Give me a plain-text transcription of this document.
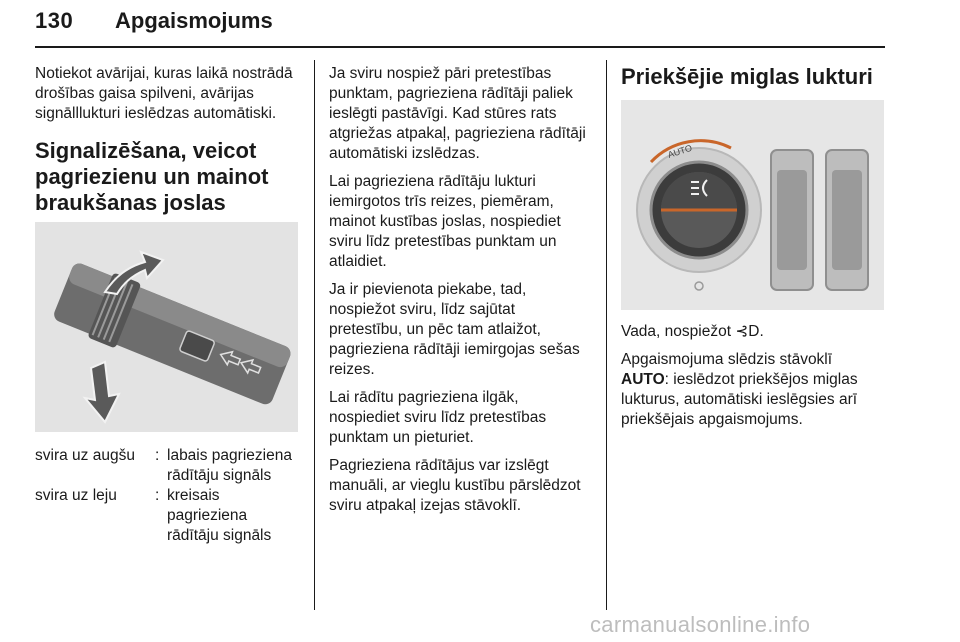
130 Apgaismojums

Notiekot avārijai, kuras laikā nostrādā drošības gaisa spilveni, avārijas signālllukturi ieslēdzas automātiski.

Signalizēšana, veicot pagriezienu un mainot braukšanas joslas
svira uz augšu : labais pagrieziena rādītāju signāls
svira uz leju : kreisais pagrieziena rādītāju signāls

Ja sviru nospiež pāri pretestības punktam, pagrieziena rādītāji paliek ieslēgti pastāvīgi. Kad stūres rats atgriežas atpakaļ, pagrieziena rādītāji automātiski izslēdzas.

Lai pagrieziena rādītāju lukturi iemirgotos trīs reizes, piemēram, mainot kustības joslas, nospiediet sviru līdz pretestības punktam un atlaidiet.

Ja ir pievienota piekabe, tad, nospiežot sviru, līdz sajūtat pretestību, un pēc tam atlaižot, pagrieziena rādītāji iemirgojas sešas reizes.

Lai rādītu pagrieziena ilgāk, nospiediet sviru līdz pretestības punktam un pieturiet.

Pagrieziena rādītājus var izslēgt manuāli, ar vieglu kustību pārslēdzot sviru atpakaļ izejas stāvoklī.

Priekšējie miglas lukturi
AUTO

Vada, nospiežot ⊰D.

Apgaismojuma slēdzis stāvoklī
AUTO: ieslēdzot priekšējos miglas lukturus, automātiski ieslēgsies arī priekšējais apgaismojums.

carmanualsonline.info
